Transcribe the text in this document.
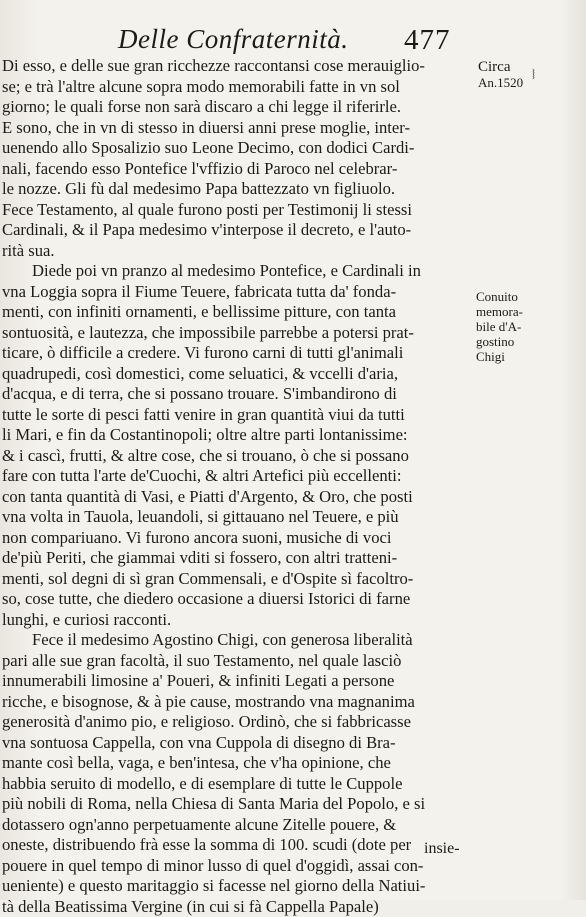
Delle Confraternità. 477
Circa
An.1520 ⧘
Conuito
memora-
bile d'A-
gostino
Chigi
Di esso, e delle sue gran ricchezze raccontansi cose merauiglio-
se; e trà l'altre alcune sopra modo memorabili fatte in vn sol
giorno; le quali forse non sarà discaro a chi legge il riferirle.
E sono, che in vn di stesso in diuersi anni prese moglie, inter-
uenendo allo Sposalizio suo Leone Decimo, con dodici Cardi-
nali, facendo esso Pontefice l'vffizio di Paroco nel celebrar-
le nozze. Gli fù dal medesimo Papa battezzato vn figliuolo.
Fece Testamento, al quale furono posti per Testimonij li stessi
Cardinali, & il Papa medesimo v'interpose il decreto, e l'auto-
rità sua.
Diede poi vn pranzo al medesimo Pontefice, e Cardinali in
vna Loggia sopra il Fiume Teuere, fabricata tutta da' fonda-
menti, con infiniti ornamenti, e bellissime pitture, con tanta
sontuosità, e lautezza, che impossibile parrebbe a potersi prat-
ticare, ò difficile a credere. Vi furono carni di tutti gl'animali
quadrupedi, così domestici, come seluatici, & vccelli d'aria,
d'acqua, e di terra, che si possano trouare. S'imbandirono di
tutte le sorte di pesci fatti venire in gran quantità viui da tutti
li Mari, e fin da Costantinopoli; oltre altre parti lontanissime:
& i cascì, frutti, & altre cose, che si trouano, ò che si possano
fare con tutta l'arte de'Cuochi, & altri Artefici più eccellenti:
con tanta quantità di Vasi, e Piatti d'Argento, & Oro, che posti
vna volta in Tauola, leuandoli, si gittauano nel Teuere, e più
non compariuano. Vi furono ancora suoni, musiche di voci
de'più Periti, che giammai vditi si fossero, con altri tratteni-
menti, sol degni di sì gran Commensali, e d'Ospite sì facoltro-
so, cose tutte, che diedero occasione a diuersi Istorici di farne
lunghi, e curiosi racconti.
Fece il medesimo Agostino Chigi, con generosa liberalità
pari alle sue gran facoltà, il suo Testamento, nel quale lasciò
innumerabili limosine a' Poueri, & infiniti Legati a persone
ricche, e bisognose, & à pie cause, mostrando vna magnanima
generosità d'animo pio, e religioso. Ordinò, che si fabbricasse
vna sontuosa Cappella, con vna Cuppola di disegno di Bra-
mante così bella, vaga, e ben'intesa, che v'ha opinione, che
habbia seruito di modello, e di esemplare di tutte le Cuppole
più nobili di Roma, nella Chiesa di Santa Maria del Popolo, e si
dotassero ogn'anno perpetuamente alcune Zitelle pouere, &
oneste, distribuendo frà esse la somma di 100. scudi (dote per
pouere in quel tempo di minor lusso di quel d'oggidì, assai con-
ueniente) e questo maritaggio si facesse nel giorno della Natiui-
tà della Beatissima Vergine (in cui si fà Cappella Papale)
insie-
